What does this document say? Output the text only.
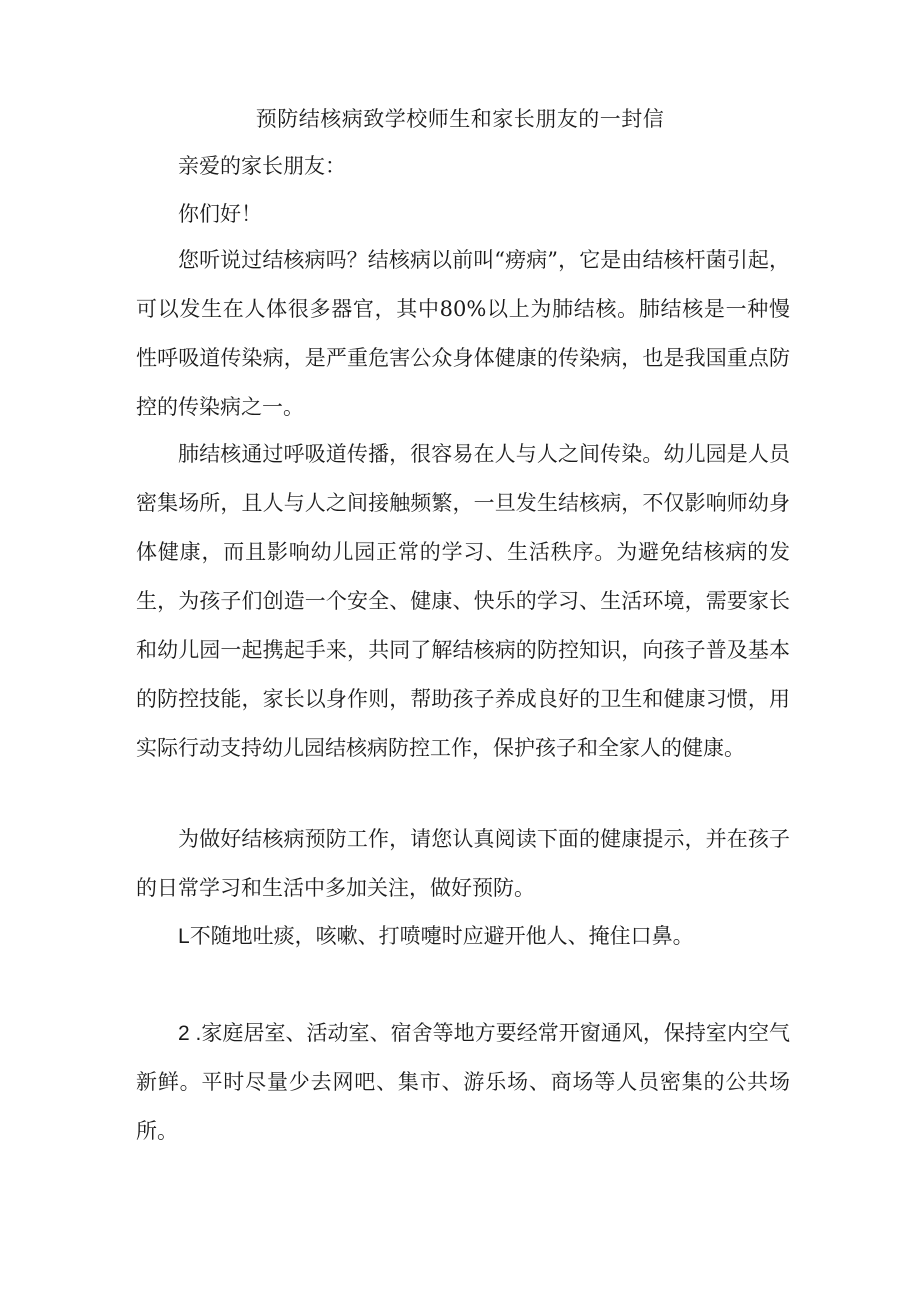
预防结核病致学校师生和家长朋友的一封信
亲爱的家长朋友：
你们好！

您听说过结核病吗？结核病以前叫“痨病”，它是由结核杆菌引起，可以发生在人体很多器官，其中80%以上为肺结核。肺结核是一种慢性呼吸道传染病，是严重危害公众身体健康的传染病，也是我国重点防控的传染病之一。

肺结核通过呼吸道传播，很容易在人与人之间传染。幼儿园是人员密集场所，且人与人之间接触频繁，一旦发生结核病，不仅影响师幼身体健康，而且影响幼儿园正常的学习、生活秩序。为避免结核病的发生，为孩子们创造一个安全、健康、快乐的学习、生活环境，需要家长和幼儿园一起携起手来，共同了解结核病的防控知识，向孩子普及基本的防控技能，家长以身作则，帮助孩子养成良好的卫生和健康习惯，用实际行动支持幼儿园结核病防控工作，保护孩子和全家人的健康。

为做好结核病预防工作，请您认真阅读下面的健康提示，并在孩子的日常学习和生活中多加关注，做好预防。

L不随地吐痰，咳嗽、打喷嚏时应避开他人、掩住口鼻。

2 .家庭居室、活动室、宿舍等地方要经常开窗通风，保持室内空气新鲜。平时尽量少去网吧、集市、游乐场、商场等人员密集的公共场所。
